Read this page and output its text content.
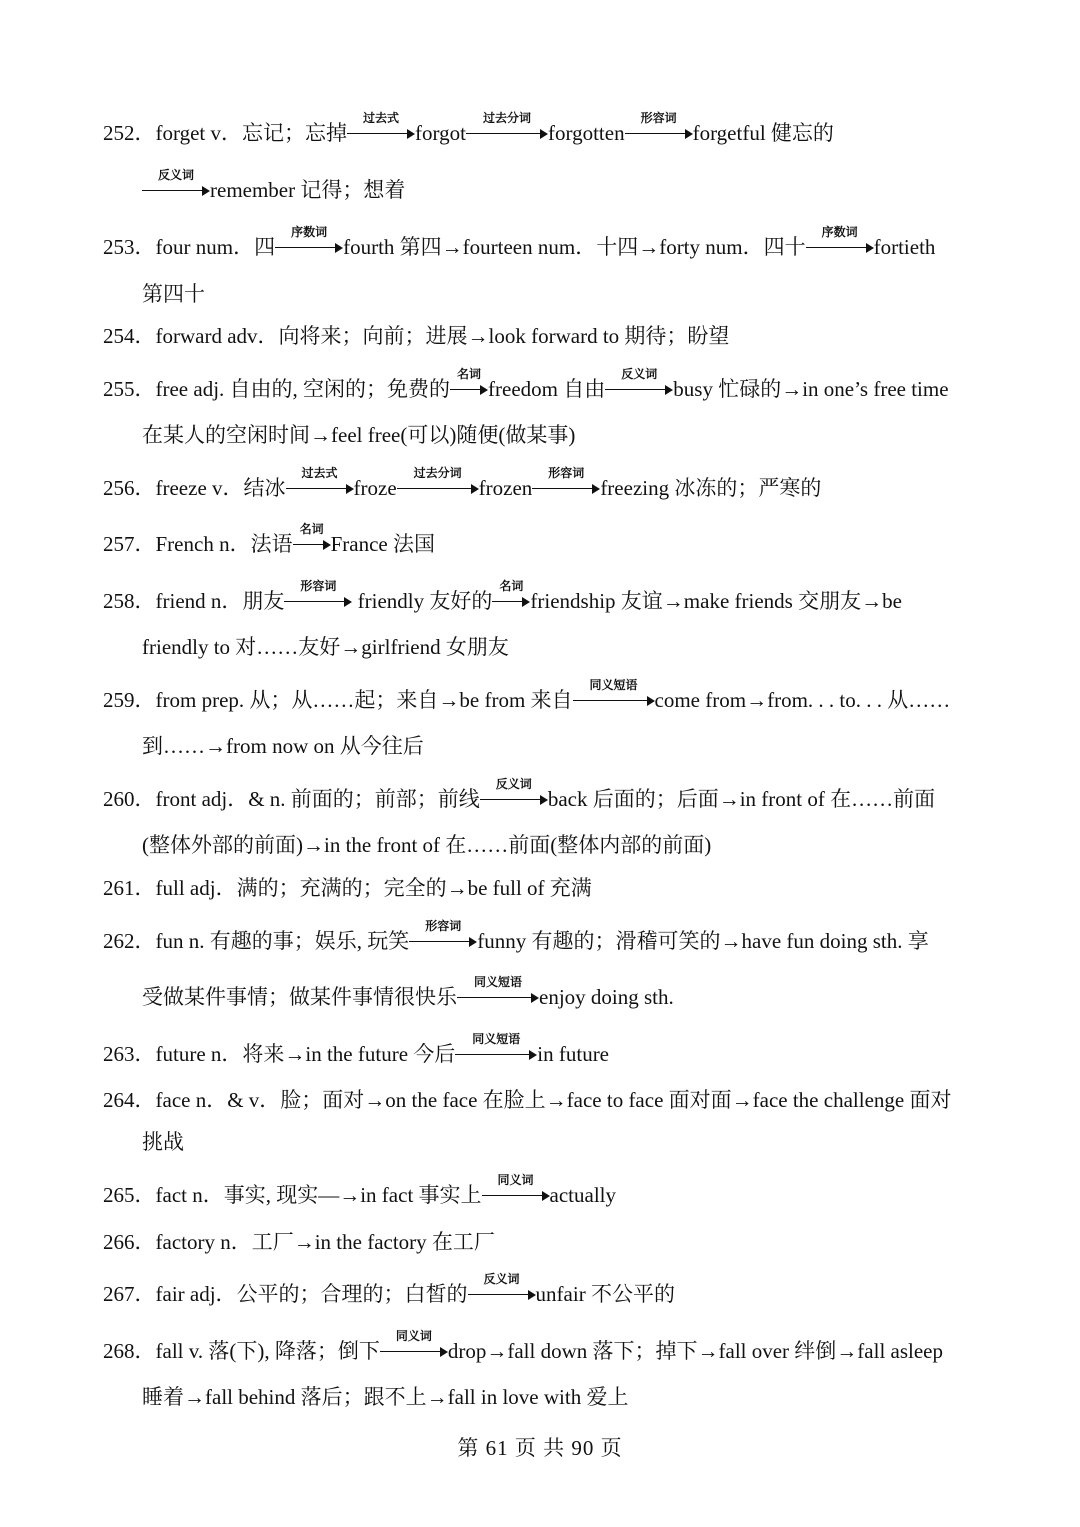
252．forget v．忘记；忘掉
过去式
forgot
过去分词
forgotten
形容词
forgetful 健忘的
反义词
remember 记得；想着
253．four num．四
序数词
fourth 第四→fourteen num．十四→forty num．四十
序数词
fortieth
第四十
254．forward adv．向将来；向前；进展→look forward to 期待；盼望
255．free adj. 自由的, 空闲的；免费的
名词
freedom 自由
反义词
busy 忙碌的→in one’s free time
在某人的空闲时间→feel free(可以)随便(做某事)
256．freeze v．结冰
过去式
froze
过去分词
frozen
形容词
freezing 冰冻的；严寒的
257．French n．法语
名词
France 法国
258．friend n．朋友
形容词
friendly 友好的
名词
friendship 友谊→make friends 交朋友→be
friendly to 对……友好→girlfriend 女朋友
259．from prep. 从；从……起；来自→be from 来自
同义短语
come from→from. . . to. . . 从……
到……→from now on 从今往后
260．front adj．& n. 前面的；前部；前线
反义词
back 后面的；后面→in front of 在……前面
(整体外部的前面)→in the front of 在……前面(整体内部的前面)
261．full adj．满的；充满的；完全的→be full of 充满
262．fun n. 有趣的事；娱乐, 玩笑
形容词
funny 有趣的；滑稽可笑的→have fun doing sth. 享
受做某件事情；做某件事情很快乐
同义短语
enjoy doing sth.
263．future n．将来→in the future 今后
同义短语
in future
264．face n．& v．脸；面对→on the face 在脸上→face to face 面对面→face the challenge 面对
挑战
265．fact n．事实, 现实—→in fact 事实上
同义词
actually
266．factory n．工厂→in the factory 在工厂
267．fair adj．公平的；合理的；白皙的
反义词
unfair 不公平的
268．fall v. 落(下), 降落；倒下
同义词
drop→fall down 落下；掉下→fall over 绊倒→fall asleep
睡着→fall behind 落后；跟不上→fall in love with 爱上
第 61 页 共 90 页
